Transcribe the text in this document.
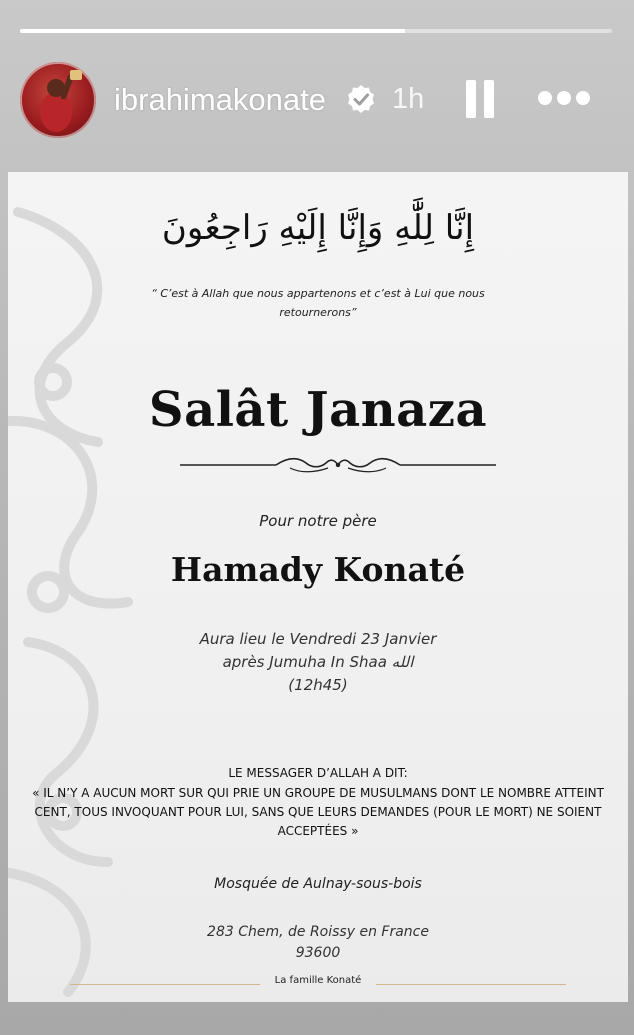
ibrahimakonate 1h
إِنَّا لِلَّٰهِ وَإِنَّا إِلَيْهِ رَاجِعُونَ
“ C’est à Allah que nous appartenons et c’est à Lui que nous retournerons”
Salât Janaza
Pour notre père
Hamady Konaté
Aura lieu le Vendredi 23 Janvier
après Jumuha In Shaa الله
(12h45)
LE MESSAGER D’ALLAH A DIT:
« IL N’Y A AUCUN MORT SUR QUI PRIE UN GROUPE DE MUSULMANS DONT LE NOMBRE ATTEINT CENT, TOUS INVOQUANT POUR LUI, SANS QUE LEURS DEMANDES (POUR LE MORT) NE SOIENT ACCEPTÉES »
Mosquée de Aulnay-sous-bois
283 Chem, de Roissy en France
93600
La famille Konaté
